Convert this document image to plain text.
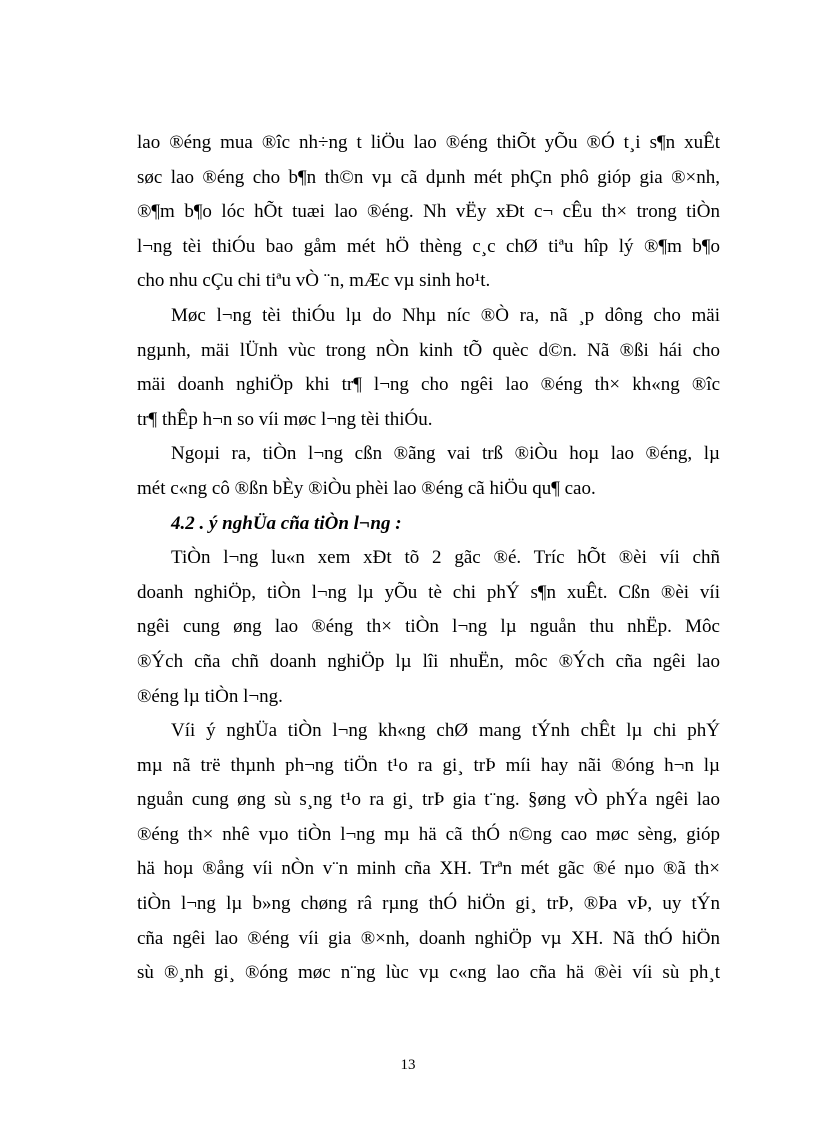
lao ®éng mua ®îc nh÷ng t liÖu lao ®éng thiÕt yÕu ®Ó t¸i s¶n xuÊt
søc lao ®éng cho b¶n th©n vµ cã dµnh mét phÇn phô gióp gia ®×nh,
®¶m b¶o lóc hÕt tuæi lao ®éng. Nh vËy xÐt c¬ cÊu th× trong tiÒn
l¬ng tèi thiÓu bao gåm mét hÖ thèng c¸c chØ tiªu hîp lý ®¶m b¶o
cho nhu cÇu chi tiªu vÒ ¨n, mÆc vµ sinh ho¹t.

Møc l¬ng tèi thiÓu lµ do Nhµ níc ®Ò ra, nã ¸p dông cho mäi
ngµnh, mäi lÜnh vùc trong nÒn kinh tÕ quèc d©n. Nã ®ßi hái cho
mäi doanh nghiÖp khi tr¶ l¬ng cho ngêi lao ®éng th× kh«ng ®îc
tr¶ thÊp h¬n so víi møc l¬ng tèi thiÓu.

Ngoµi ra, tiÒn l¬ng cßn ®ãng vai trß ®iÒu hoµ lao ®éng, lµ
mét c«ng cô ®ßn bÈy ®iÒu phèi lao ®éng cã hiÖu qu¶ cao.

4.2 . ý nghÜa cña tiÒn l¬ng :

TiÒn l¬ng lu«n xem xÐt tõ 2 gãc ®é. Tríc hÕt ®èi víi chñ
doanh nghiÖp, tiÒn l¬ng lµ yÕu tè chi phÝ s¶n xuÊt. Cßn ®èi víi
ngêi cung øng lao ®éng th× tiÒn l¬ng lµ nguån thu nhËp. Môc
®Ých cña chñ doanh nghiÖp lµ lîi nhuËn, môc ®Ých cña ngêi lao
®éng lµ tiÒn l¬ng.

Víi ý nghÜa tiÒn l¬ng kh«ng chØ mang tÝnh chÊt lµ chi phÝ
mµ nã trë thµnh ph¬ng tiÖn t¹o ra gi¸ trÞ míi hay nãi ®óng h¬n lµ
nguån cung øng sù s¸ng t¹o ra gi¸ trÞ gia t¨ng. §øng vÒ phÝa ngêi lao
®éng th× nhê vµo tiÒn l¬ng mµ hä cã thÓ n©ng cao møc sèng, gióp
hä hoµ ®ång víi nÒn v¨n minh cña XH. Trªn mét gãc ®é nµo ®ã th×
tiÒn l¬ng lµ b»ng chøng râ rµng thÓ hiÖn gi¸ trÞ, ®Þa vÞ, uy tÝn
cña ngêi lao ®éng víi gia ®×nh, doanh nghiÖp vµ XH. Nã thÓ hiÖn
sù ®¸nh gi¸ ®óng møc n¨ng lùc vµ c«ng lao cña hä ®èi víi sù ph¸t

13
